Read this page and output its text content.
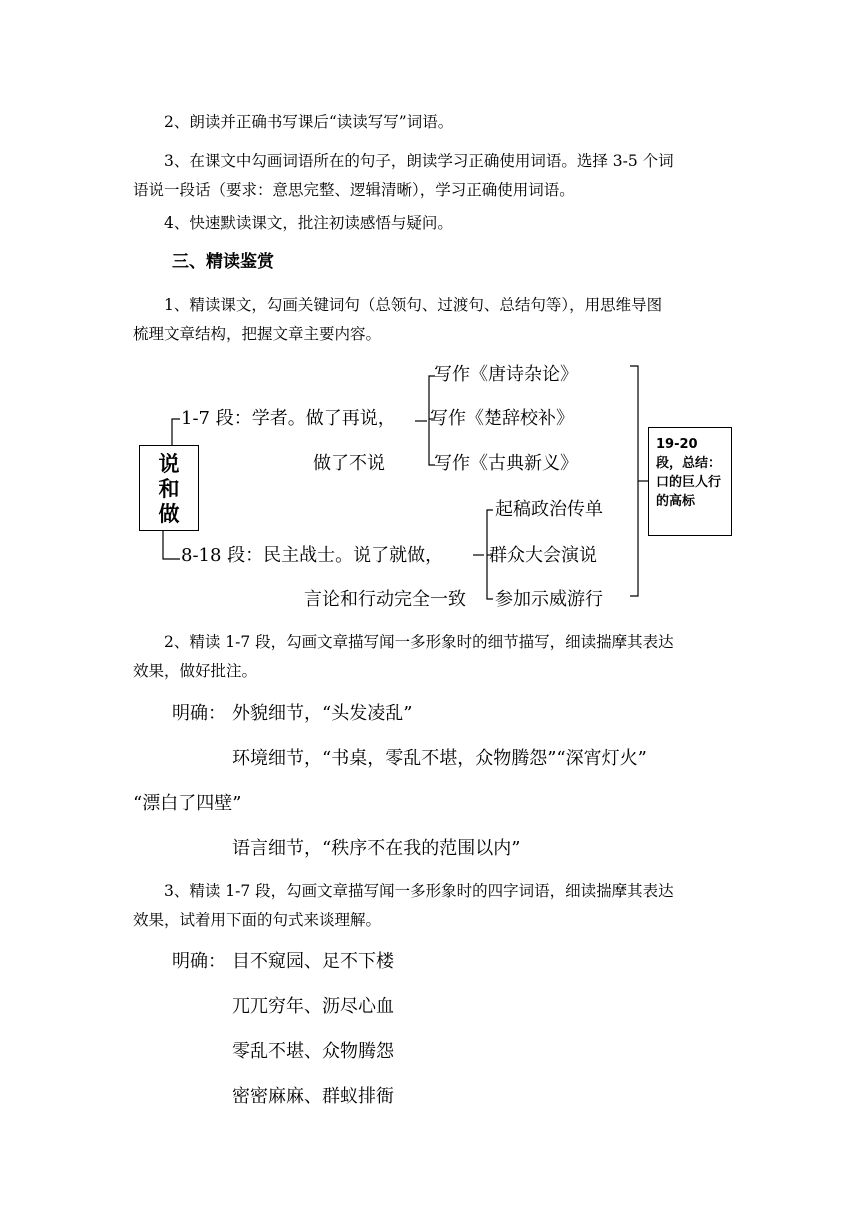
2、朗读并正确书写课后“读读写写”词语。
3、在课文中勾画词语所在的句子，朗读学习正确使用词语。选择 3-5 个词
语说一段话（要求：意思完整、逻辑清晰），学习正确使用词语。
4、快速默读课文，批注初读感悟与疑问。
三、精读鉴赏
1、精读课文，勾画关键词句（总领句、过渡句、总结句等），用思维导图
梳理文章结构，把握文章主要内容。
说
和
做
1-7 段：学者。做了再说，
做了不说
写作《唐诗杂论》
写作《楚辞校补》
写作《古典新义》
8-18 段：民主战士。说了就做，
言论和行动完全一致
起稿政治传单
群众大会演说
参加示威游行
19-20 段，总结：口的巨人行的高标
2、精读 1-7 段，勾画文章描写闻一多形象时的细节描写，细读揣摩其表达
效果，做好批注。
明确： 外貌细节，“头发凌乱”
环境细节，“书桌，零乱不堪，众物腾怨”“深宵灯火”
“漂白了四壁”
语言细节，“秩序不在我的范围以内”
3、精读 1-7 段，勾画文章描写闻一多形象时的四字词语，细读揣摩其表达
效果，试着用下面的句式来谈理解。
明确： 目不窥园、足不下楼
兀兀穷年、沥尽心血
零乱不堪、众物腾怨
密密麻麻、群蚁排衙
